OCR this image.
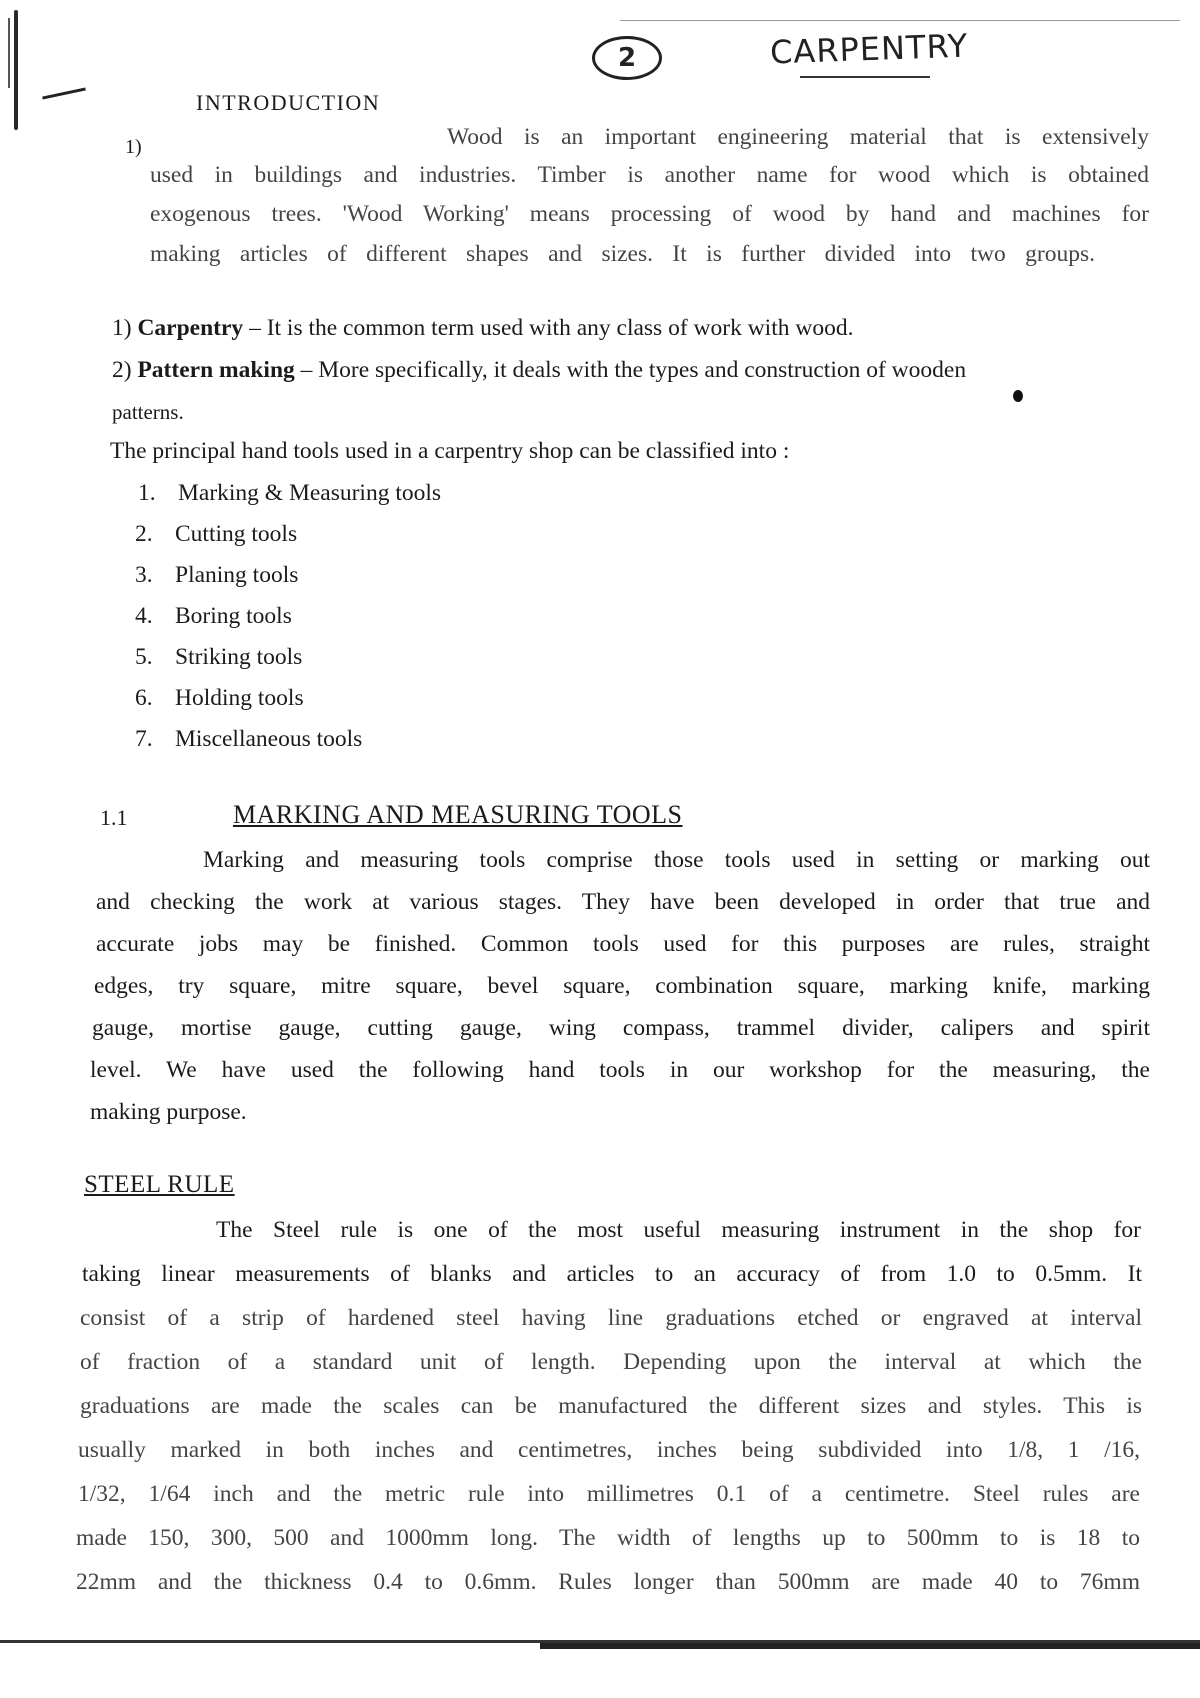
2	CARPENTRY
INTRODUCTION
1)	Wood is an important engineering material that is extensively
used in buildings and industries. Timber is another name for wood which is obtained
exogenous trees. 'Wood Working' means processing of wood by hand and machines for
making articles of different shapes and sizes. It is further divided into two groups.
1) Carpentry – It is the common term used with any class of work with wood.
2) Pattern making – More specifically, it deals with the types and construction of wooden
patterns.
The principal hand tools used in a carpentry shop can be classified into :
1. Marking & Measuring tools
2. Cutting tools
3. Planing tools
4. Boring tools
5. Striking tools
6. Holding tools
7. Miscellaneous tools
1.1	MARKING AND MEASURING TOOLS
Marking and measuring tools comprise those tools used in setting or marking out
and checking the work at various stages. They have been developed in order that true and
accurate jobs may be finished. Common tools used for this purposes are rules, straight
edges, try square, mitre square, bevel square, combination square, marking knife, marking
gauge, mortise gauge, cutting gauge, wing compass, trammel divider, calipers and spirit
level. We have used the following hand tools in our workshop for the measuring, the
making purpose.
STEEL RULE
The Steel rule is one of the most useful measuring instrument in the shop for
taking linear measurements of blanks and articles to an accuracy of from 1.0 to 0.5mm. It
consist of a strip of hardened steel having line graduations etched or engraved at interval
of fraction of a standard unit of length. Depending upon the interval at which the
graduations are made the scales can be manufactured the different sizes and styles. This is
usually marked in both inches and centimetres, inches being subdivided into 1/8, 1 /16,
1/32, 1/64 inch and the metric rule into millimetres 0.1 of a centimetre. Steel rules are
made 150, 300, 500 and 1000mm long. The width of lengths up to 500mm to is 18 to
22mm and the thickness 0.4 to 0.6mm. Rules longer than 500mm are made 40 to 76mm
